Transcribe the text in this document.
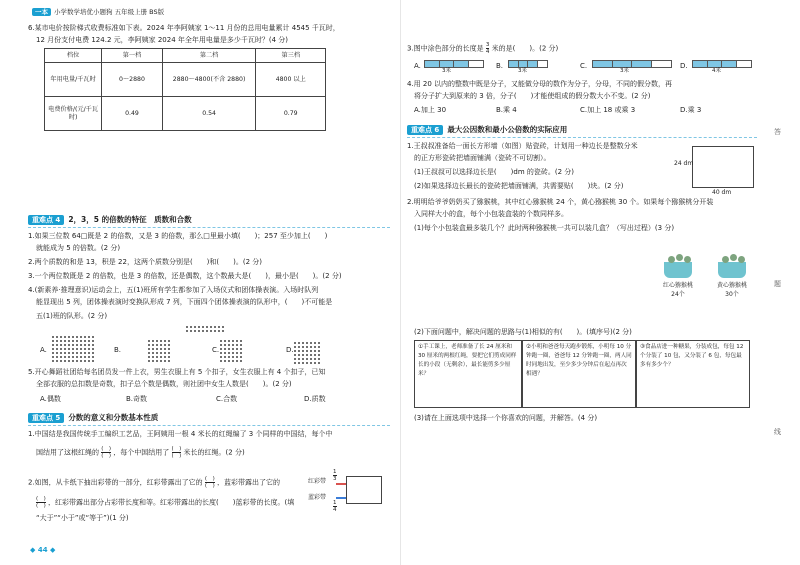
一本 小学数学培优小题狗 五年级上册 BS版
6.某市电价按阶梯式收费标准如下表。2024 年李阿姨家 1～11 月份的总用电量累计 4545 千瓦时，
12 月份支付电费 124.2 元，李阿姨家 2024 年全年用电量是多少千瓦时？(4 分)
档位	第一档	第二档	第三档
年用电量/千瓦时	0～2880	2880～4800(不含 2880)	4800 以上
电费价格/(元/千瓦时)	0.49	0.54	0.79
重难点 4	2，3，5 的倍数的特征　质数和合数
1.如果三位数 64□既是 2 的倍数，又是 3 的倍数，那么□里最小填(　　)；257 至少加上(　　)
就能成为 5 的倍数。(2 分)
2.两个质数的和是 13，积是 22，这两个质数分别是(　　)和(　　)。(2 分)
3.一个两位数既是 2 的倍数，也是 3 的倍数，还是偶数，这个数最大是(　　)，最小是(　　)。(2 分)
4.(新素养·推理意识)运动会上，五(1)班所有学生都参加了入场仪式和团体操表演。入场时队列
能显现出 5 列，团体操表演时变换队形成 7 列，下面四个团体操表演的队形中，(　　)不可能是
五(1)班的队形。(2 分)
A.	B.	C.	D.
5.开心舞蹈社团给每名团员发一件上衣，男生衣服上有 5 个扣子，女生衣服上有 4 个扣子，已知
全部衣服的总扣数是奇数，扣子总个数是偶数，则社团中女生人数是(　　)。(2 分)
A.偶数	B.奇数	C.合数	D.质数
重难点 5	分数的意义和分数基本性质
1.中国结是我国传统手工编织工艺品，王阿姨用一根 4 米长的红绳编了 3 个同样的中国结，每个中
国结用了这根红绳的 $\frac{( )}{( )}$ ，每个中国结用了 $\frac{( )}{( )}$ 米长的红绳。(2 分)
2.如图，从卡纸下抽出彩带的一部分，红彩带露出了它的 $\frac{( )}{( )}$ ，蓝彩带露出了它的
$\frac{( )}{( )}$ ，红彩带露出部分占彩带长度和等。红彩带露出的长度(　　)蓝彩带的长度。(填
“大于”“小于”或“等于”)(1 分)
红彩带
蓝彩带
$\frac{1}{3}$
$\frac{1}{4}$
◆ 44 ◆
3.图中涂色部分的长度是 $\frac{3}{4}$ 米的是(　　)。(2 分)
A.	B.	C.	D.
3米	3米	3米	4米
4.用 20 以内的整数中既是分子，又能做分母的数作为分子，分母，不同的假分数，再
将分子扩大到原来的 3 倍，分子(　　)才能使组成的假分数大小不变。(2 分)
A.加上 30	B.乘 4	C.加上 18 或乘 3	D.乘 3
重难点 6	最大公因数和最小公倍数的实际应用
1.王叔叔准备给一面长方形墙（如图）贴瓷砖，计划用一种边长是整数分米
的正方形瓷砖把墙面铺满（瓷砖不可切割）。
(1)王叔叔可以选择边长是(　　)dm 的瓷砖。(2 分)
(2)如果选择边长最长的瓷砖把墙面铺满，共需要贴(　　)块。(2 分)
24 dm
40 dm
2.明明给爷爷奶奶买了猕猴桃，其中红心猕猴桃 24 个，黄心猕猴桃 30 个。如果每个猕猴桃分开装
入同样大小的盒，每个小包装盒装的个数同样多。
(1)每个小包装盒最多装几个？此时两种猕猴桃一共可以装几盒？（写出过程）(3 分)
红心猕猴桃
24个
黄心猕猴桃
30个
(2)下面问题中，解决问题的思路与(1)相似的有(　　)。(填序号)(2 分)
①手工课上，老师准备了长 24 厘米和 30 厘米的两根红绳，要把它们剪成同样长的小段（无剩余），最长能剪多少厘米？
②小明和爸爸每天跑步锻炼，小明每 10 分钟跑一圈，爸爸每 12 分钟跑一圈，两人同时同地出发，至少多少分钟后在起点再次相遇？
③食品店进一种糖果，分装成包，每包 12 个分装了 10 包，又分装了 6 包，每包最多有多少个？
(3)请在上面选项中选择一个你喜欢的问题，并解答。(4 分)
答
题
线
